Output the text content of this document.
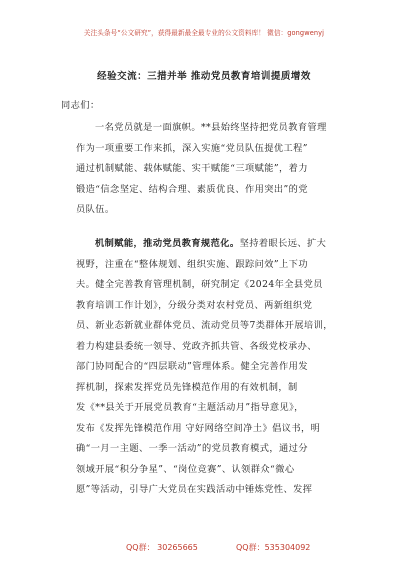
关注头条号“公文研究”，获得最新最全最专业的公文资料库！ 微信：gongwenyj
经验交流：三措并举 推动党员教育培训提质增效
同志们：
一名党员就是一面旗帜。**县始终坚持把党员教育管理
作为一项重要工作来抓，深入实施“党员队伍提优工程”
通过机制赋能、载体赋能、实干赋能“三项赋能”，着力
锻造“信念坚定、结构合理、素质优良、作用突出”的党
员队伍。
机制赋能，推动党员教育规范化。坚持着眼长远、扩大
视野，注重在“整体规划、组织实施、跟踪问效”上下功
夫。健全完善教育管理机制，研究制定《2024年全县党员
教育培训工作计划》，分级分类对农村党员、两新组织党
员、新业态新就业群体党员、流动党员等7类群体开展培训，
着力构建县委统一领导、党政齐抓共管、各级党校承办、
部门协同配合的“四层联动”管理体系。健全完善作用发
挥机制，探索发挥党员先锋模范作用的有效机制，制
发《**县关于开展党员教育“主题活动月”指导意见》，
发布《发挥先锋模范作用 守好网络空间净土》倡议书，明
确“一月一主题、一季一活动”的党员教育模式，通过分
领域开展“积分争星”、“岗位竞赛”、认领群众“微心
愿”等活动，引导广大党员在实践活动中锤炼党性、发挥
QQ群： 30265665	QQ群：535304092
